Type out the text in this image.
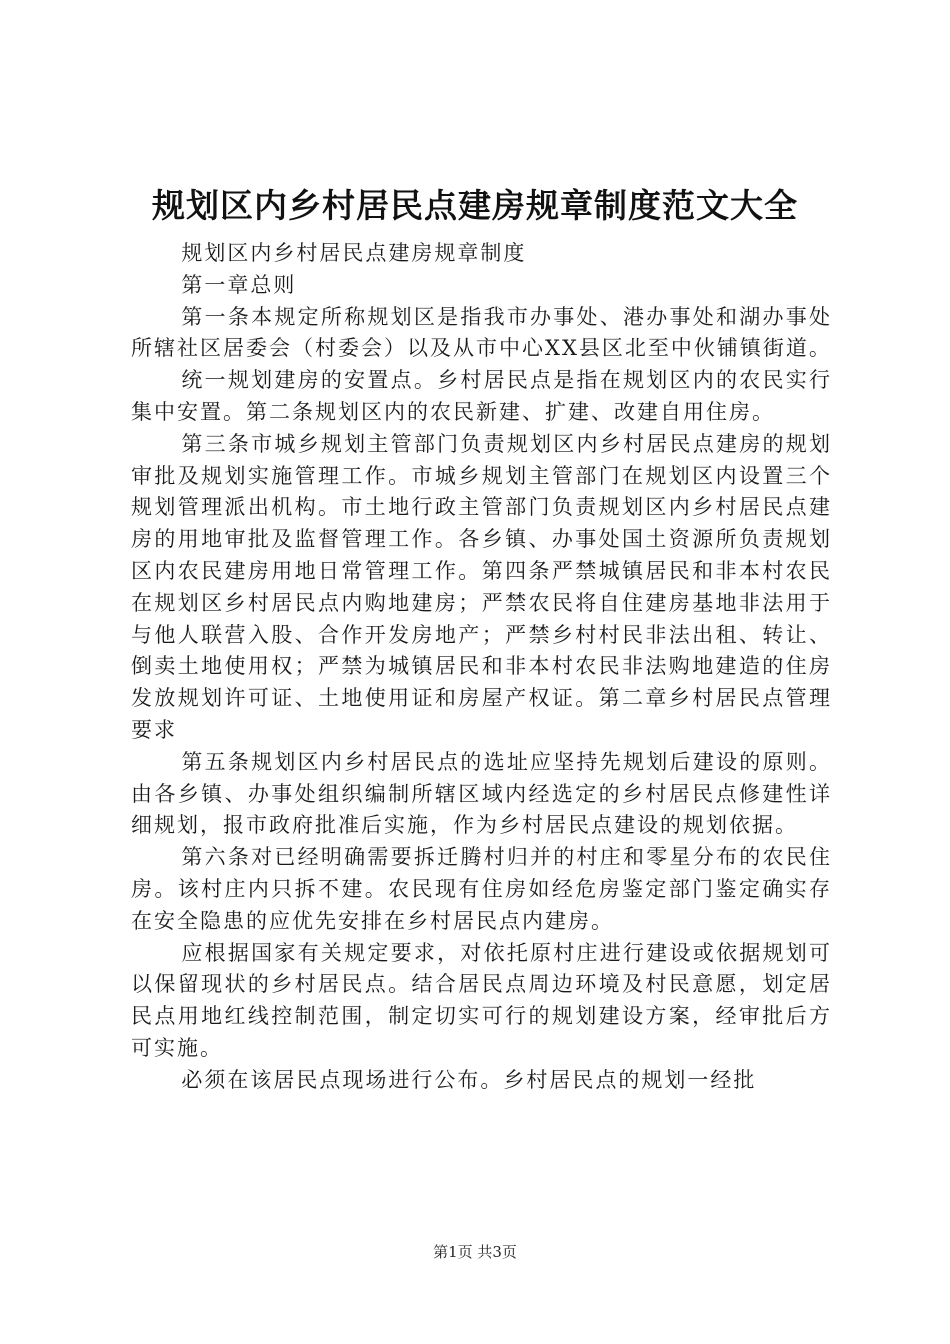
规划区内乡村居民点建房规章制度范文大全

规划区内乡村居民点建房规章制度

第一章总则

第一条本规定所称规划区是指我市办事处、港办事处和湖办事处所辖社区居委会（村委会）以及从市中心XX县区北至中伙铺镇街道。

统一规划建房的安置点。乡村居民点是指在规划区内的农民实行集中安置。第二条规划区内的农民新建、扩建、改建自用住房。

第三条市城乡规划主管部门负责规划区内乡村居民点建房的规划审批及规划实施管理工作。市城乡规划主管部门在规划区内设置三个规划管理派出机构。市土地行政主管部门负责规划区内乡村居民点建房的用地审批及监督管理工作。各乡镇、办事处国土资源所负责规划区内农民建房用地日常管理工作。第四条严禁城镇居民和非本村农民在规划区乡村居民点内购地建房；严禁农民将自住建房基地非法用于与他人联营入股、合作开发房地产；严禁乡村村民非法出租、转让、倒卖土地使用权；严禁为城镇居民和非本村农民非法购地建造的住房发放规划许可证、土地使用证和房屋产权证。第二章乡村居民点管理要求

第五条规划区内乡村居民点的选址应坚持先规划后建设的原则。由各乡镇、办事处组织编制所辖区域内经选定的乡村居民点修建性详细规划，报市政府批准后实施，作为乡村居民点建设的规划依据。

第六条对已经明确需要拆迁腾村归并的村庄和零星分布的农民住房。该村庄内只拆不建。农民现有住房如经危房鉴定部门鉴定确实存在安全隐患的应优先安排在乡村居民点内建房。

应根据国家有关规定要求，对依托原村庄进行建设或依据规划可以保留现状的乡村居民点。结合居民点周边环境及村民意愿，划定居民点用地红线控制范围，制定切实可行的规划建设方案，经审批后方可实施。

必须在该居民点现场进行公布。乡村居民点的规划一经批

第1页 共3页
